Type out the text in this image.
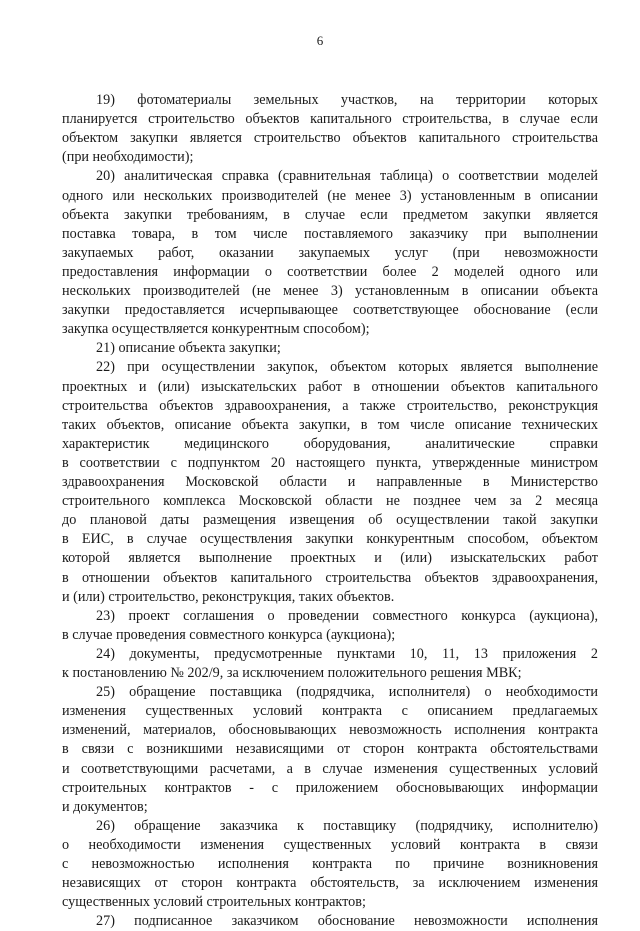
6
19) фотоматериалы земельных участков, на территории которых
планируется строительство объектов капитального строительства, в случае если
объектом закупки является строительство объектов капитального строительства
(при необходимости);
20) аналитическая справка (сравнительная таблица) о соответствии моделей
одного или нескольких производителей (не менее 3) установленным в описании
объекта закупки требованиям, в случае если предметом закупки является
поставка товара, в том числе поставляемого заказчику при выполнении
закупаемых работ, оказании закупаемых услуг (при невозможности
предоставления информации о соответствии более 2 моделей одного или
нескольких производителей (не менее 3) установленным в описании объекта
закупки предоставляется исчерпывающее соответствующее обоснование (если
закупка осуществляется конкурентным способом);
21) описание объекта закупки;
22) при осуществлении закупок, объектом которых является выполнение
проектных и (или) изыскательских работ в отношении объектов капитального
строительства объектов здравоохранения, а также строительство, реконструкция
таких объектов, описание объекта закупки, в том числе описание технических
характеристик медицинского оборудования, аналитические справки
в соответствии с подпунктом 20 настоящего пункта, утвержденные министром
здравоохранения Московской области и направленные в Министерство
строительного комплекса Московской области не позднее чем за 2 месяца
до плановой даты размещения извещения об осуществлении такой закупки
в ЕИС, в случае осуществления закупки конкурентным способом, объектом
которой является выполнение проектных и (или) изыскательских работ
в отношении объектов капитального строительства объектов здравоохранения,
и (или) строительство, реконструкция, таких объектов.
23) проект соглашения о проведении совместного конкурса (аукциона),
в случае проведения совместного конкурса (аукциона);
24) документы, предусмотренные пунктами 10, 11, 13 приложения 2
к постановлению № 202/9, за исключением положительного решения МВК;
25) обращение поставщика (подрядчика, исполнителя) о необходимости
изменения существенных условий контракта с описанием предлагаемых
изменений, материалов, обосновывающих невозможность исполнения контракта
в связи с возникшими независящими от сторон контракта обстоятельствами
и соответствующими расчетами, а в случае изменения существенных условий
строительных контрактов - с приложением обосновывающих информации
и документов;
26) обращение заказчика к поставщику (подрядчику, исполнителю)
о необходимости изменения существенных условий контракта в связи
с невозможностью исполнения контракта по причине возникновения
независящих от сторон контракта обстоятельств, за исключением изменения
существенных условий строительных контрактов;
27) подписанное заказчиком обоснование невозможности исполнения
